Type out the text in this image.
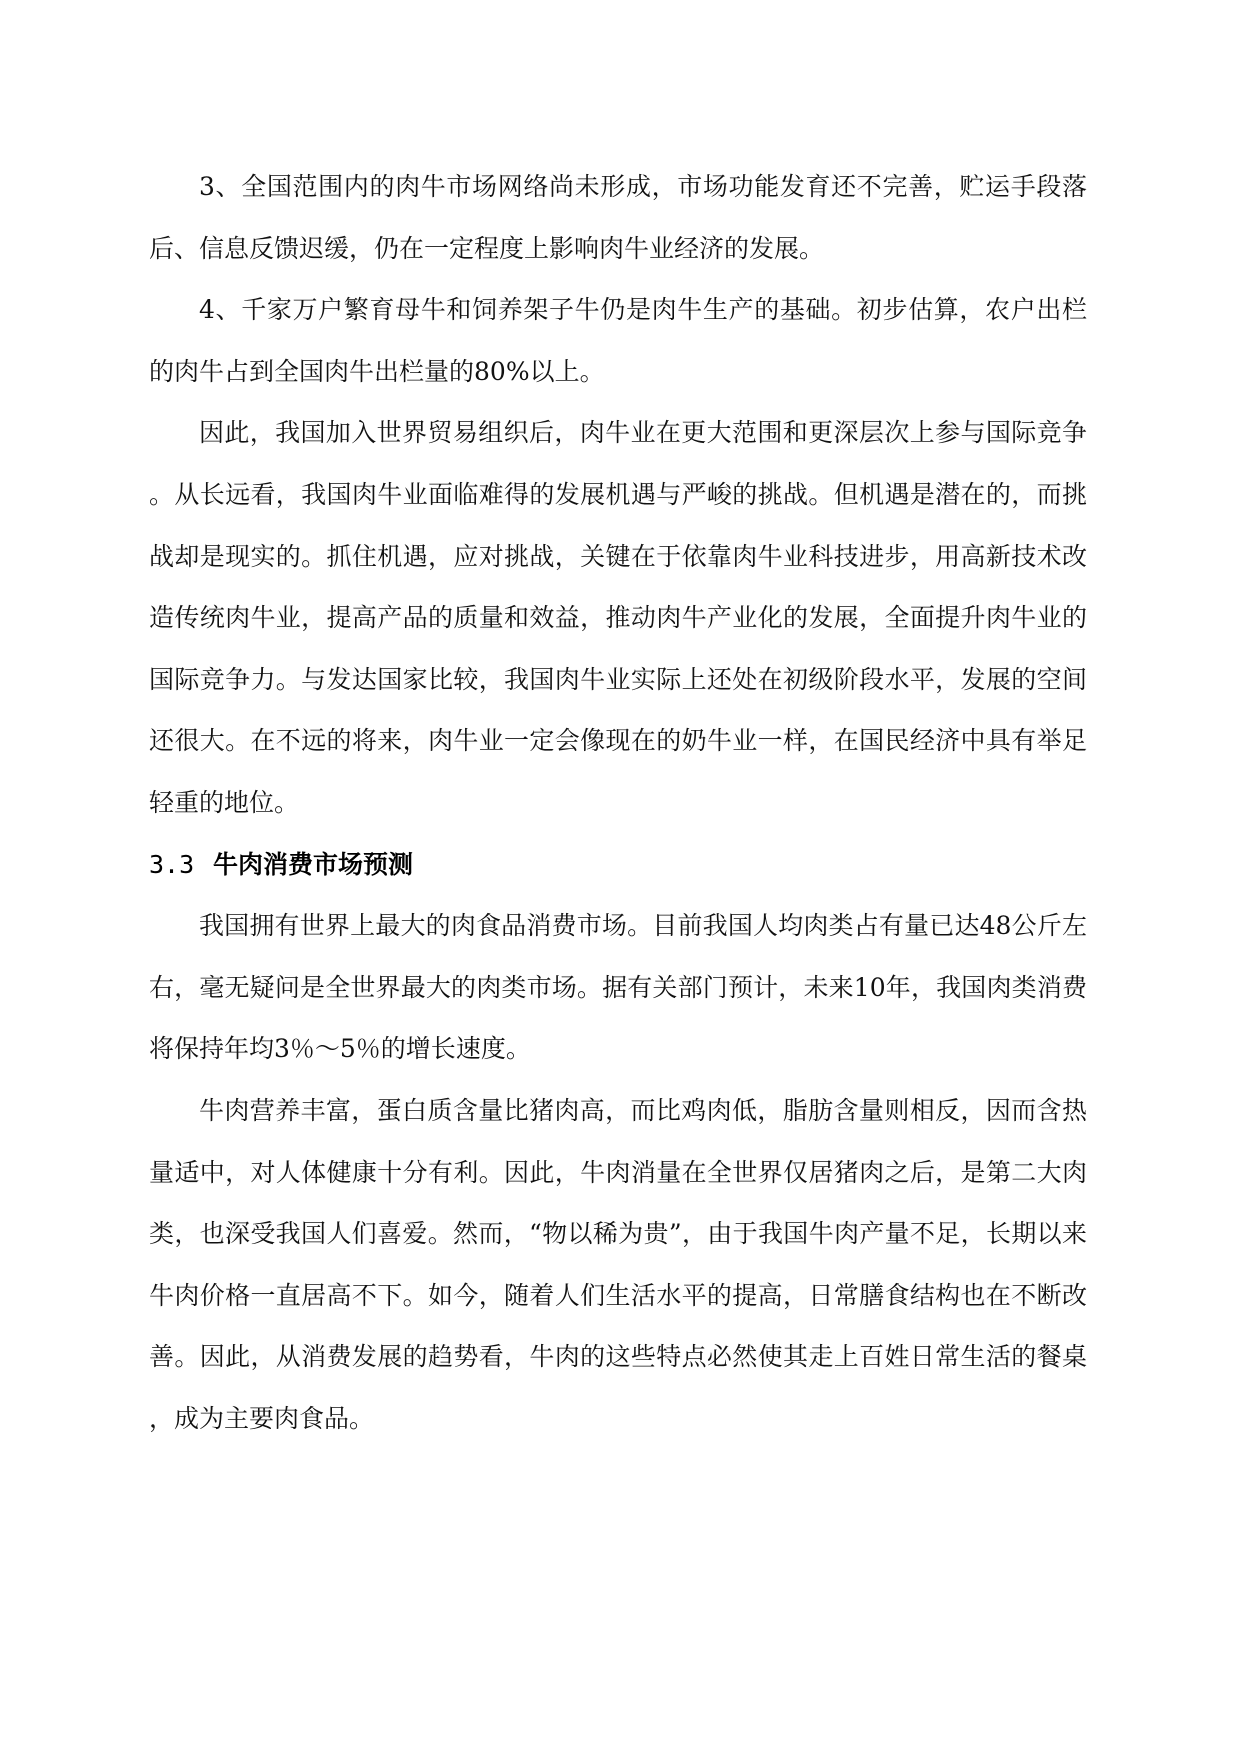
3、全国范围内的肉牛市场网络尚未形成，市场功能发育还不完善，贮运手段落后、信息反馈迟缓，仍在一定程度上影响肉牛业经济的发展。

4、千家万户繁育母牛和饲养架子牛仍是肉牛生产的基础。初步估算，农户出栏的肉牛占到全国肉牛出栏量的80%以上。

因此，我国加入世界贸易组织后，肉牛业在更大范围和更深层次上参与国际竞争。从长远看，我国肉牛业面临难得的发展机遇与严峻的挑战。但机遇是潜在的，而挑战却是现实的。抓住机遇，应对挑战，关键在于依靠肉牛业科技进步，用高新技术改造传统肉牛业，提高产品的质量和效益，推动肉牛产业化的发展，全面提升肉牛业的国际竞争力。与发达国家比较，我国肉牛业实际上还处在初级阶段水平，发展的空间还很大。在不远的将来，肉牛业一定会像现在的奶牛业一样，在国民经济中具有举足轻重的地位。

3.3 牛肉消费市场预测

我国拥有世界上最大的肉食品消费市场。目前我国人均肉类占有量已达48公斤左右，毫无疑问是全世界最大的肉类市场。据有关部门预计，未来10年，我国肉类消费将保持年均3％～5％的增长速度。

牛肉营养丰富，蛋白质含量比猪肉高，而比鸡肉低，脂肪含量则相反，因而含热量适中，对人体健康十分有利。因此，牛肉消量在全世界仅居猪肉之后，是第二大肉类，也深受我国人们喜爱。然而，“物以稀为贵”，由于我国牛肉产量不足，长期以来牛肉价格一直居高不下。如今，随着人们生活水平的提高，日常膳食结构也在不断改善。因此，从消费发展的趋势看，牛肉的这些特点必然使其走上百姓日常生活的餐桌，成为主要肉食品。
